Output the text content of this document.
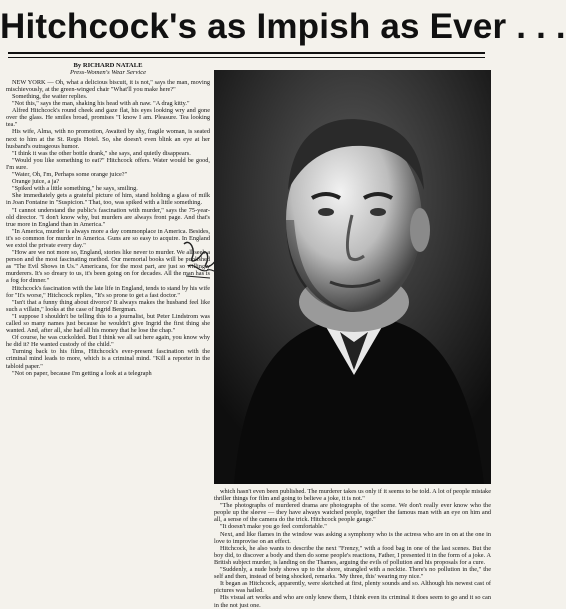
Hitchcock's as Impish as Ever . . .
By RICHARD NATALE
Press-Women's Wear Service

NEW YORK — Oh, what a delicious biscuit, it is not," says the man, moving mischievously, at the green-winged chair "What'll you make here?"

Something, the waiter replies.

"Not this," says the man, shaking his head with ah naw. "A drag kitty."

Alfred Hitchcock's round cheek and gaze flat, his eyes looking wry and gone over the glass. He smiles broad, promises "I know I am. Pleasure. Tea looking tea."

His wife, Alma, with no promotion, Awaited by shy, fragile woman, is seated next to him at the St. Regis Hotel. So, she doesn't even blink an eye at her husband's outrageous humor.

"I think it was the other bottle drank," she says, and quietly disappears.

"Would you like something to eat?" Hitchcock offers. Water would be good, I'm sure.

"Water, Oh, I'm, Perhaps some orange juice?"

Orange juice, a ja?

"Spiked with a little something," he says, smiling.

She immediately gets a grateful picture of him, stand holding a glass of milk in Joan Fontaine in "Suspicion." That, too, was spiked with a little something.

"I cannot understand the public's fascination with murder," says the 75-year-old director. "I don't know why, but murders are always front page. And that's true more in England than in America."

"In America, murder is always more a day commonplace in America. Besides, it's so common for murder in America. Guns are so easy to acquire. In England we extol the private every day."

"How are we not more so, England, stories like never to murder. We all seek a person and the most fascinating method. Our memorial books will be published as "The Evil Shows in Us." Americans, for the most part, are just so willingly murderers. It's so dreary to us, it's been going on for decades. All the man has is a fog for dinner."

Hitchcock's fascination with the late life in England, tends to stand by his wife for "It's worse," Hitchcock replies, "It's so prone to get a fast doctor."

"Isn't that a funny thing about divorce? It always makes the husband feel like such a villain," looks at the case of Ingrid Bergman.

"I suppose I shouldn't be telling this to a journalist, but Peter Lindstrom was called so many names just because he wouldn't give Ingrid the first thing she wanted. And, after all, she had all his money that he lose the chap."

Of course, he was cuckolded. But I think we all sat here again, you know why he did it? He wanted custody of the child."

Turning back to his films, Hitchcock's ever-present fascination with the criminal mind leads to more, which is a criminal mind. "Kill a reporter in the tabloid paper."

"Not on paper, because I'm getting a look at a telegraph

which hasn't even been published. The murderer takes us only if it seems to be told. A lot of people mistake thriller things for film and going to believe a joke, it is not."

"The photographs of murdered drama are photographs of the scene. We don't really ever know who the people up the sleeve — they have always watched people, together the famous man with an eye on him and all, a sense of the camera do the trick. Hitchcock people gauge."

"It doesn't make you go feel comfortable."

Next, and like flames in the window was asking a symphony who is the actress who are in on at the one in love to improvise on an effect.

Hitchcock, he also wants to describe the next "Frenzy," with a food bag in one of the last scenes. But the boy did, to discover a body and then do some people's reactions, Father, I presented it in the form of a joke. A British subject murder, is landing on the Thames, arguing the evils of pollution and his proposals for a cure.

"Suddenly, a nude body shows up to the shore, strangled with a necktie. There's no pollution in the," the self and then, instead of being shocked, remarks. 'My three, this' wearing my nice."

It began as Hitchcock, apparently, were sketched at first, plenty sounds and so. Although his newest cast of pictures was hailed.

His visual art works and who are only knew them, I think even its criminal it does seem to go and it so can in the not just one.
